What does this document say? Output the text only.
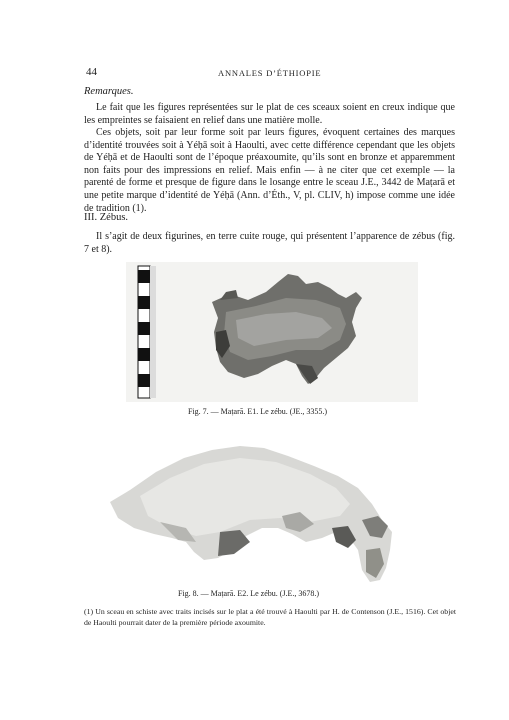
44	ANNALES D’ÉTHIOPIE
Remarques.

Le fait que les figures représentées sur le plat de ces sceaux soient en creux indique que les empreintes se faisaient en relief dans une matière molle.

Ces objets, soit par leur forme soit par leurs figures, évoquent certaines des marques d’identité trouvées soit à Yéḥā soit à Haoulti, avec cette différence cependant que les objets de Yéḥā et de Haoulti sont de l’époque préaxoumite, qu’ils sont en bronze et apparemment non faits pour des impressions en relief. Mais enfin — à ne citer que cet exemple — la parenté de forme et presque de figure dans le losange entre le sceau J.E., 3442 de Maṭarā et une petite marque d’identité de Yéḥā (Ann. d’Éth., V, pl. CLIV, h) impose comme une idée de tradition (1).

III. Zébus.

Il s’agit de deux figurines, en terre cuite rouge, qui présentent l’apparence de zébus (fig. 7 et 8).

Fig. 7. — Maṭarā. E1. Le zébu. (JE., 3355.)
Fig. 8. — Maṭarā. E2. Le zébu. (J.E., 3678.)

(1) Un sceau en schiste avec traits incisés sur le plat a été trouvé à Haoulti par H. de Contenson (J.E., 1516). Cet objet de Haoulti pourrait dater de la première période axoumite.
